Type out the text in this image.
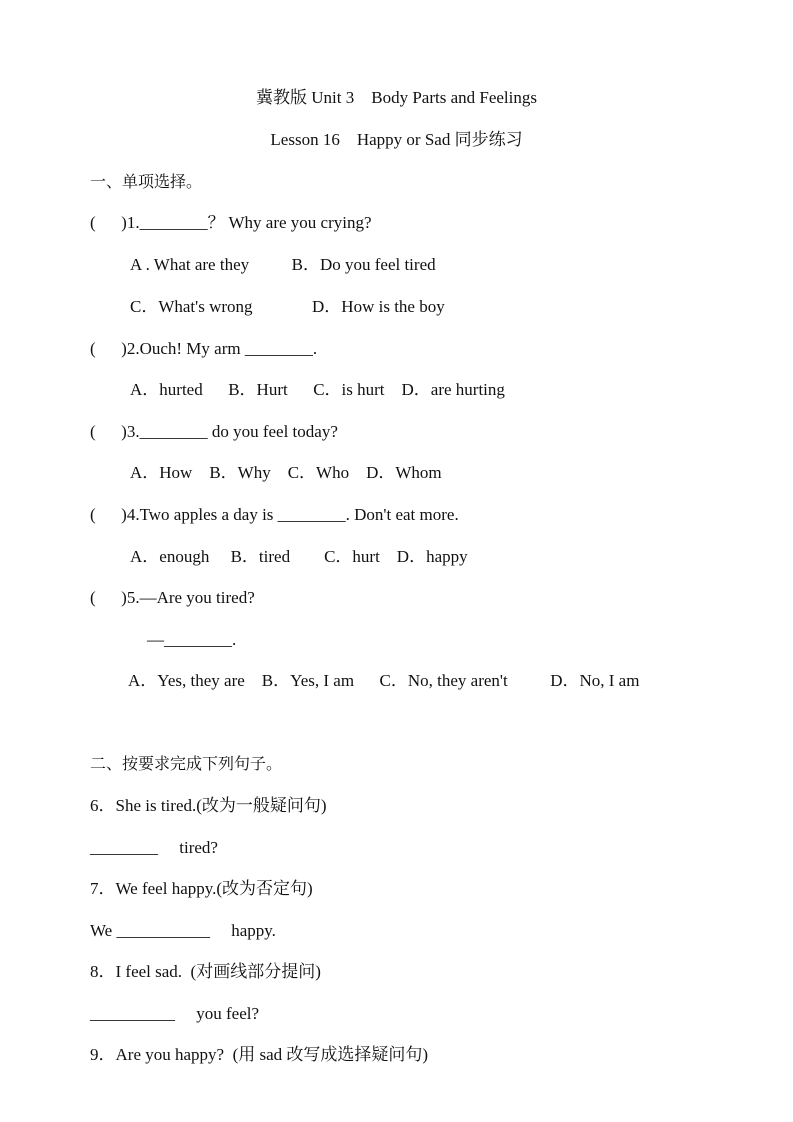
冀教版 Unit 3    Body Parts and Feelings
Lesson 16    Happy or Sad 同步练习
一、单项选择。
(      )1.________？ Why are you crying?
A . What are they          B．Do you feel tired
C．What's wrong              D．How is the boy
(      )2.Ouch! My arm ________.
A．hurted      B．Hurt      C．is hurt    D．are hurting
(      )3.________ do you feel today?
A．How    B．Why    C．Who    D．Whom
(      )4.Two apples a day is ________. Don't eat more.
A．enough     B．tired        C．hurt    D．happy
(      )5.—Are you tired?
—________.
A．Yes, they are    B．Yes, I am      C．No, they aren't          D．No, I am
二、按要求完成下列句子。
6．She is tired.(改为一般疑问句)
________     tired?
7．We feel happy.(改为否定句)
We ___________     happy.
8．I feel sad.  (对画线部分提问)
__________     you feel?
9．Are you happy?  (用 sad 改写成选择疑问句)
